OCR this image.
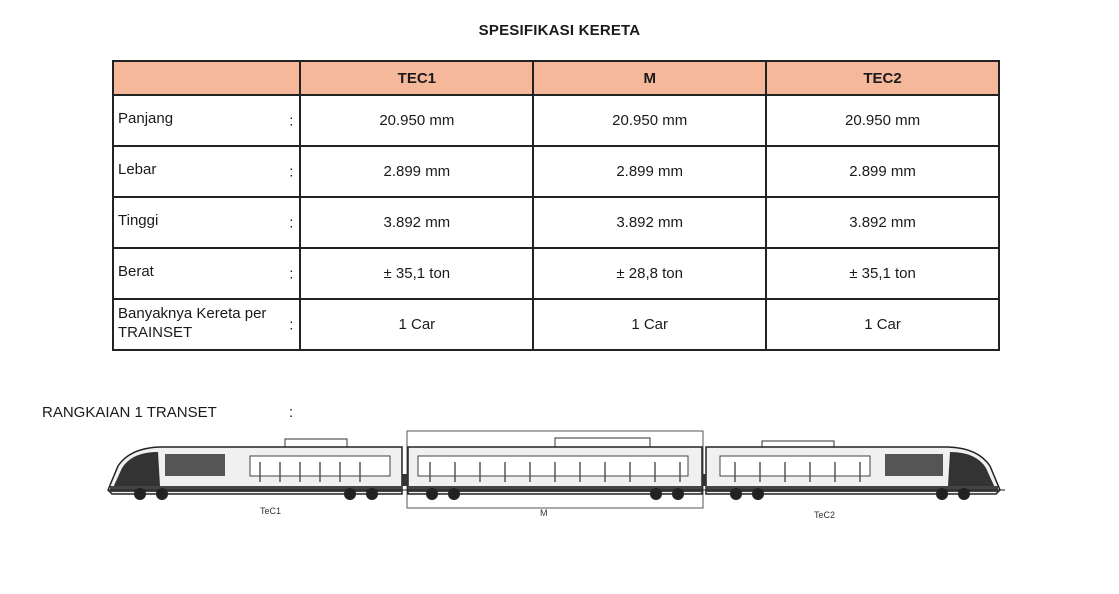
SPESIFIKASI KERETA
	TEC1	M	TEC2
Panjang :	20.950 mm	20.950 mm	20.950 mm
Lebar :	2.899 mm	2.899 mm	2.899 mm
Tinggi :	3.892 mm	3.892 mm	3.892 mm
Berat :	± 35,1 ton	± 28,8 ton	± 35,1 ton
Banyaknya Kereta per TRAINSET :	1 Car	1 Car	1 Car
RANGKAIAN 1 TRANSET	:
TeC1	M	TeC2
